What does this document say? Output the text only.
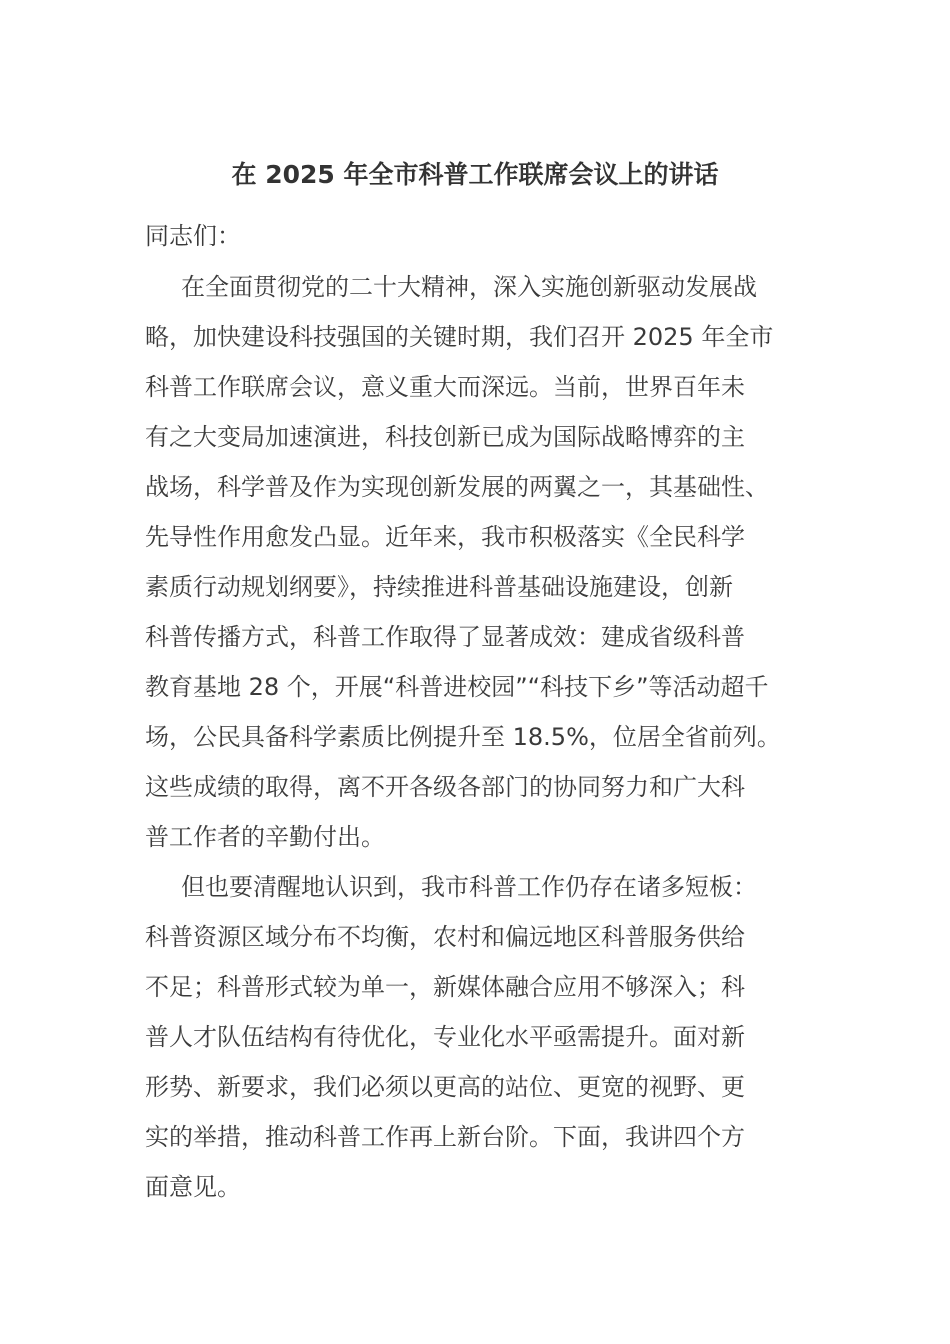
在 2025 年全市科普工作联席会议上的讲话
同志们：
在全面贯彻党的二十大精神，深入实施创新驱动发展战
略，加快建设科技强国的关键时期，我们召开 2025 年全市
科普工作联席会议，意义重大而深远。当前，世界百年未
有之大变局加速演进，科技创新已成为国际战略博弈的主
战场，科学普及作为实现创新发展的两翼之一，其基础性、
先导性作用愈发凸显。近年来，我市积极落实《全民科学
素质行动规划纲要》，持续推进科普基础设施建设，创新
科普传播方式，科普工作取得了显著成效：建成省级科普
教育基地 28 个，开展“科普进校园”“科技下乡”等活动超千
场，公民具备科学素质比例提升至 18.5%，位居全省前列。
这些成绩的取得，离不开各级各部门的协同努力和广大科
普工作者的辛勤付出。
但也要清醒地认识到，我市科普工作仍存在诸多短板：
科普资源区域分布不均衡，农村和偏远地区科普服务供给
不足；科普形式较为单一，新媒体融合应用不够深入；科
普人才队伍结构有待优化，专业化水平亟需提升。面对新
形势、新要求，我们必须以更高的站位、更宽的视野、更
实的举措，推动科普工作再上新台阶。下面，我讲四个方
面意见。
